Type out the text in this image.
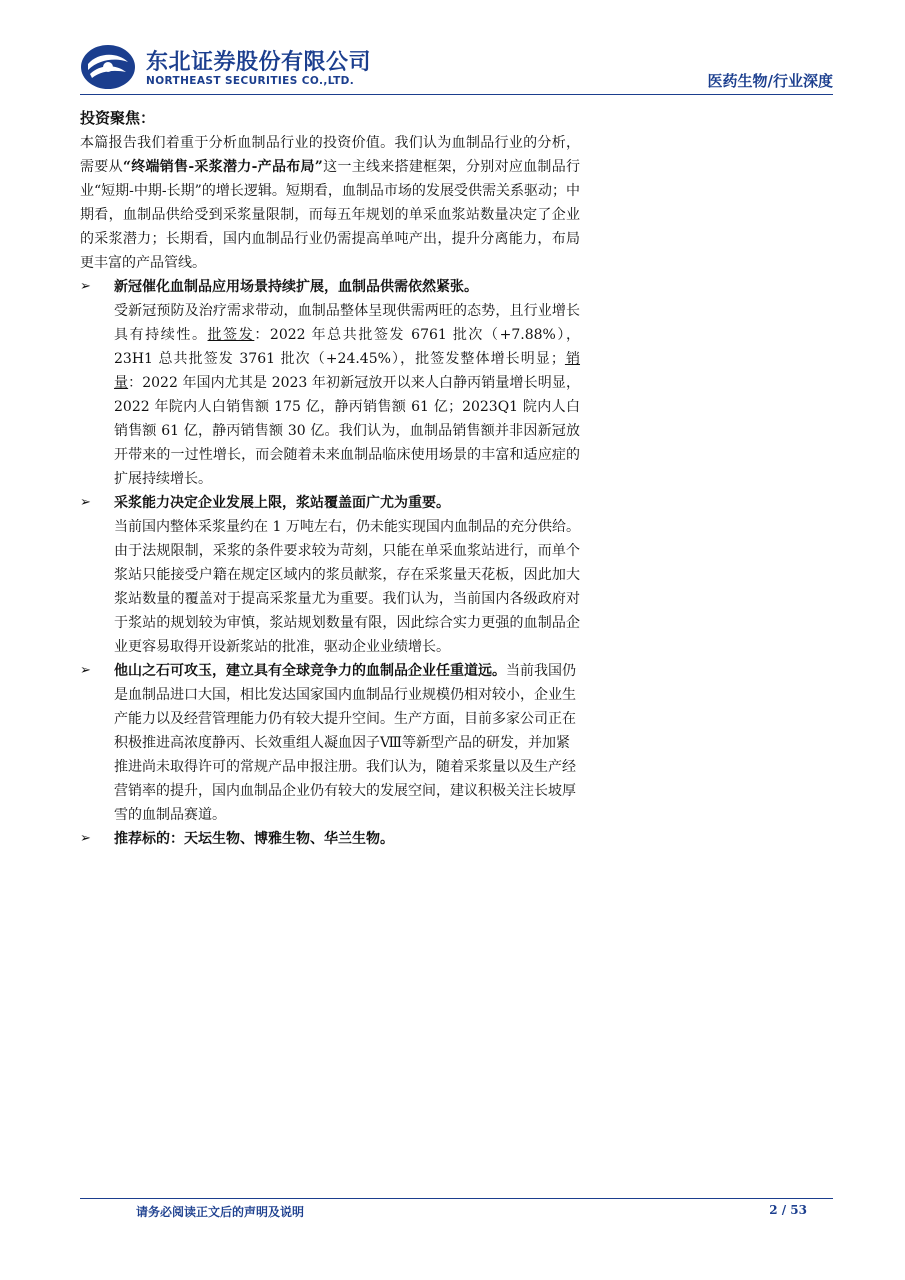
东北证券股份有限公司
NORTHEAST SECURITIES CO.,LTD.	医药生物/行业深度

投资聚焦：

本篇报告我们着重于分析血制品行业的投资价值。我们认为血制品行业的分析，需要从“终端销售-采浆潜力-产品布局”这一主线来搭建框架，分别对应血制品行业“短期-中期-长期”的增长逻辑。短期看，血制品市场的发展受供需关系驱动；中期看，血制品供给受到采浆量限制，而每五年规划的单采血浆站数量决定了企业的采浆潜力；长期看，国内血制品行业仍需提高单吨产出，提升分离能力，布局更丰富的产品管线。

➢	新冠催化血制品应用场景持续扩展，血制品供需依然紧张。

受新冠预防及治疗需求带动，血制品整体呈现供需两旺的态势，且行业增长具有持续性。批签发：2022 年总共批签发 6761 批次（+7.88%），23H1 总共批签发 3761 批次（+24.45%），批签发整体增长明显；销量：2022 年国内尤其是 2023 年初新冠放开以来人白静丙销量增长明显，2022 年院内人白销售额 175 亿，静丙销售额 61 亿；2023Q1 院内人白销售额 61 亿，静丙销售额 30 亿。我们认为，血制品销售额并非因新冠放开带来的一过性增长，而会随着未来血制品临床使用场景的丰富和适应症的扩展持续增长。

➢	采浆能力决定企业发展上限，浆站覆盖面广尤为重要。

当前国内整体采浆量约在 1 万吨左右，仍未能实现国内血制品的充分供给。由于法规限制，采浆的条件要求较为苛刻，只能在单采血浆站进行，而单个浆站只能接受户籍在规定区域内的浆员献浆，存在采浆量天花板，因此加大浆站数量的覆盖对于提高采浆量尤为重要。我们认为，当前国内各级政府对于浆站的规划较为审慎，浆站规划数量有限，因此综合实力更强的血制品企业更容易取得开设新浆站的批准，驱动企业业绩增长。

➢	他山之石可攻玉，建立具有全球竞争力的血制品企业任重道远。当前我国仍是血制品进口大国，相比发达国家国内血制品行业规模仍相对较小，企业生产能力以及经营管理能力仍有较大提升空间。生产方面，目前多家公司正在积极推进高浓度静丙、长效重组人凝血因子Ⅷ等新型产品的研发，并加紧推进尚未取得许可的常规产品申报注册。我们认为，随着采浆量以及生产经营销率的提升，国内血制品企业仍有较大的发展空间，建议积极关注长坡厚雪的血制品赛道。

➢	推荐标的：天坛生物、博雅生物、华兰生物。

请务必阅读正文后的声明及说明	2 / 53
